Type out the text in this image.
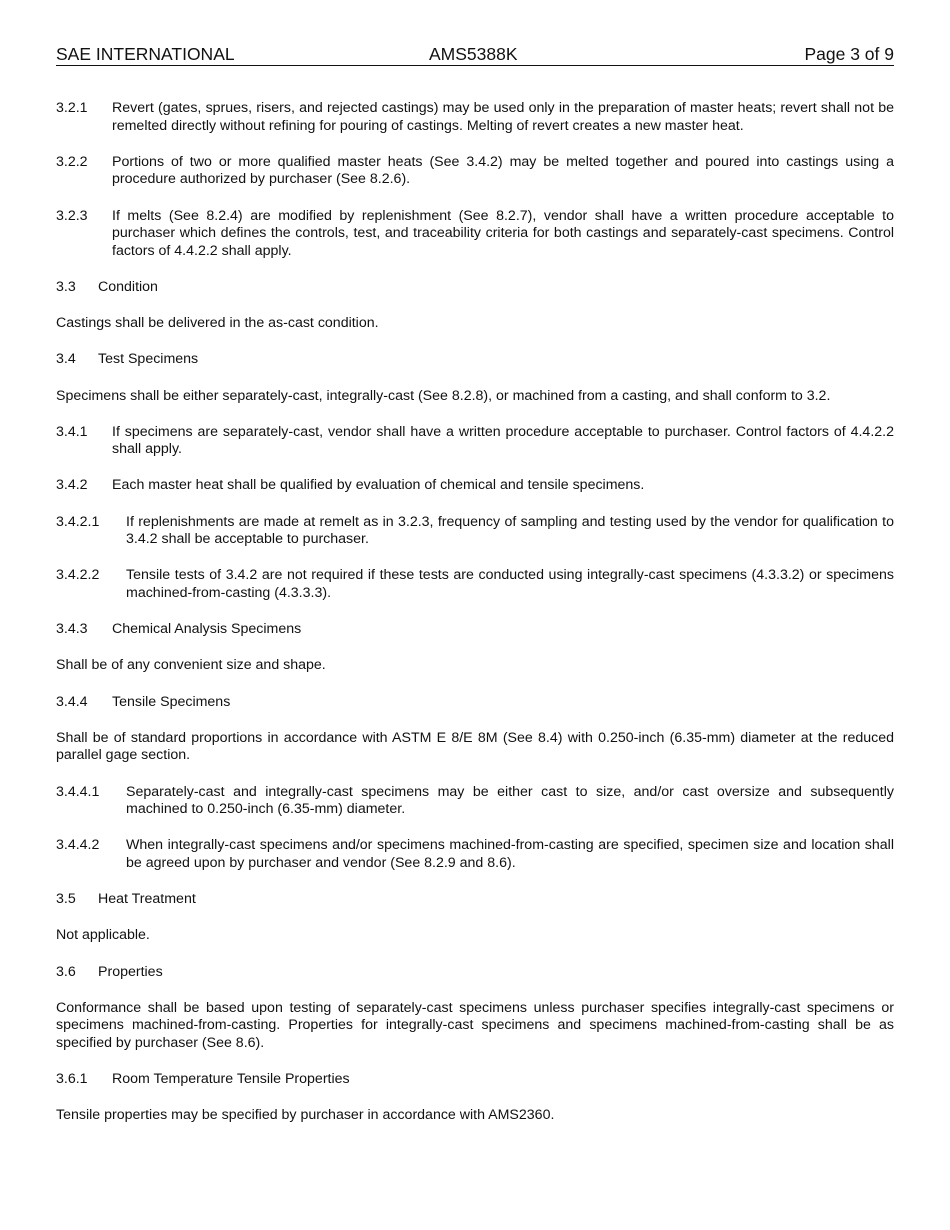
SAE INTERNATIONAL	AMS5388K	Page 3 of 9
3.2.1	Revert (gates, sprues, risers, and rejected castings) may be used only in the preparation of master heats; revert shall not be remelted directly without refining for pouring of castings. Melting of revert creates a new master heat.
3.2.2	Portions of two or more qualified master heats (See 3.4.2) may be melted together and poured into castings using a procedure authorized by purchaser (See 8.2.6).
3.2.3	If melts (See 8.2.4) are modified by replenishment (See 8.2.7), vendor shall have a written procedure acceptable to purchaser which defines the controls, test, and traceability criteria for both castings and separately-cast specimens. Control factors of 4.4.2.2 shall apply.
3.3	Condition

Castings shall be delivered in the as-cast condition.

3.4	Test Specimens

Specimens shall be either separately-cast, integrally-cast (See 8.2.8), or machined from a casting, and shall conform to 3.2.

3.4.1	If specimens are separately-cast, vendor shall have a written procedure acceptable to purchaser. Control factors of 4.4.2.2 shall apply.
3.4.2	Each master heat shall be qualified by evaluation of chemical and tensile specimens.
3.4.2.1	If replenishments are made at remelt as in 3.2.3, frequency of sampling and testing used by the vendor for qualification to 3.4.2 shall be acceptable to purchaser.
3.4.2.2	Tensile tests of 3.4.2 are not required if these tests are conducted using integrally-cast specimens (4.3.3.2) or specimens machined-from-casting (4.3.3.3).
3.4.3	Chemical Analysis Specimens

Shall be of any convenient size and shape.

3.4.4	Tensile Specimens

Shall be of standard proportions in accordance with ASTM E 8/E 8M (See 8.4) with 0.250-inch (6.35-mm) diameter at the reduced parallel gage section.

3.4.4.1	Separately-cast and integrally-cast specimens may be either cast to size, and/or cast oversize and subsequently machined to 0.250-inch (6.35-mm) diameter.
3.4.4.2	When integrally-cast specimens and/or specimens machined-from-casting are specified, specimen size and location shall be agreed upon by purchaser and vendor (See 8.2.9 and 8.6).
3.5	Heat Treatment

Not applicable.

3.6	Properties

Conformance shall be based upon testing of separately-cast specimens unless purchaser specifies integrally-cast specimens or specimens machined-from-casting. Properties for integrally-cast specimens and specimens machined-from-casting shall be as specified by purchaser (See 8.6).

3.6.1	Room Temperature Tensile Properties

Tensile properties may be specified by purchaser in accordance with AMS2360.
